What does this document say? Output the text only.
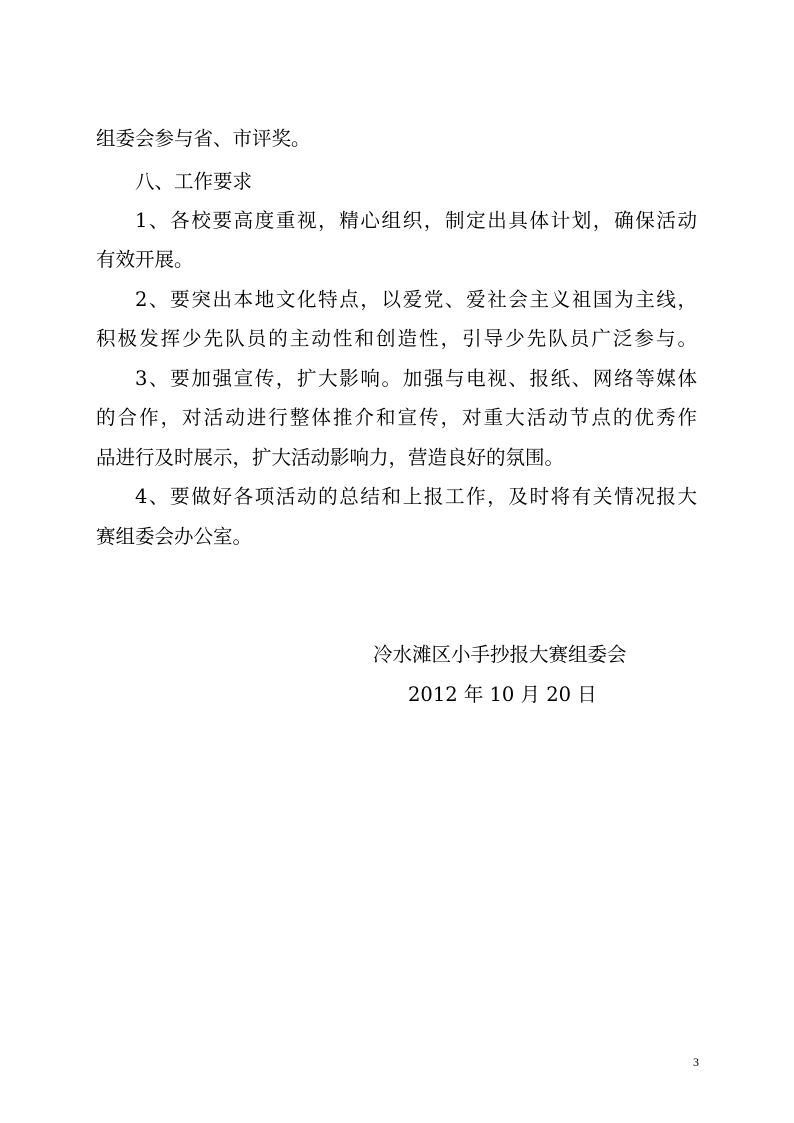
组委会参与省、市评奖。

八、工作要求

1、各校要高度重视，精心组织，制定出具体计划，确保活动

有效开展。

2、要突出本地文化特点，以爱党、爱社会主义祖国为主线，

积极发挥少先队员的主动性和创造性，引导少先队员广泛参与。

3、要加强宣传，扩大影响。加强与电视、报纸、网络等媒体

的合作，对活动进行整体推介和宣传，对重大活动节点的优秀作

品进行及时展示，扩大活动影响力，营造良好的氛围。

4、要做好各项活动的总结和上报工作，及时将有关情况报大

赛组委会办公室。

冷水滩区小手抄报大赛组委会

2012 年 10 月 20 日

3
